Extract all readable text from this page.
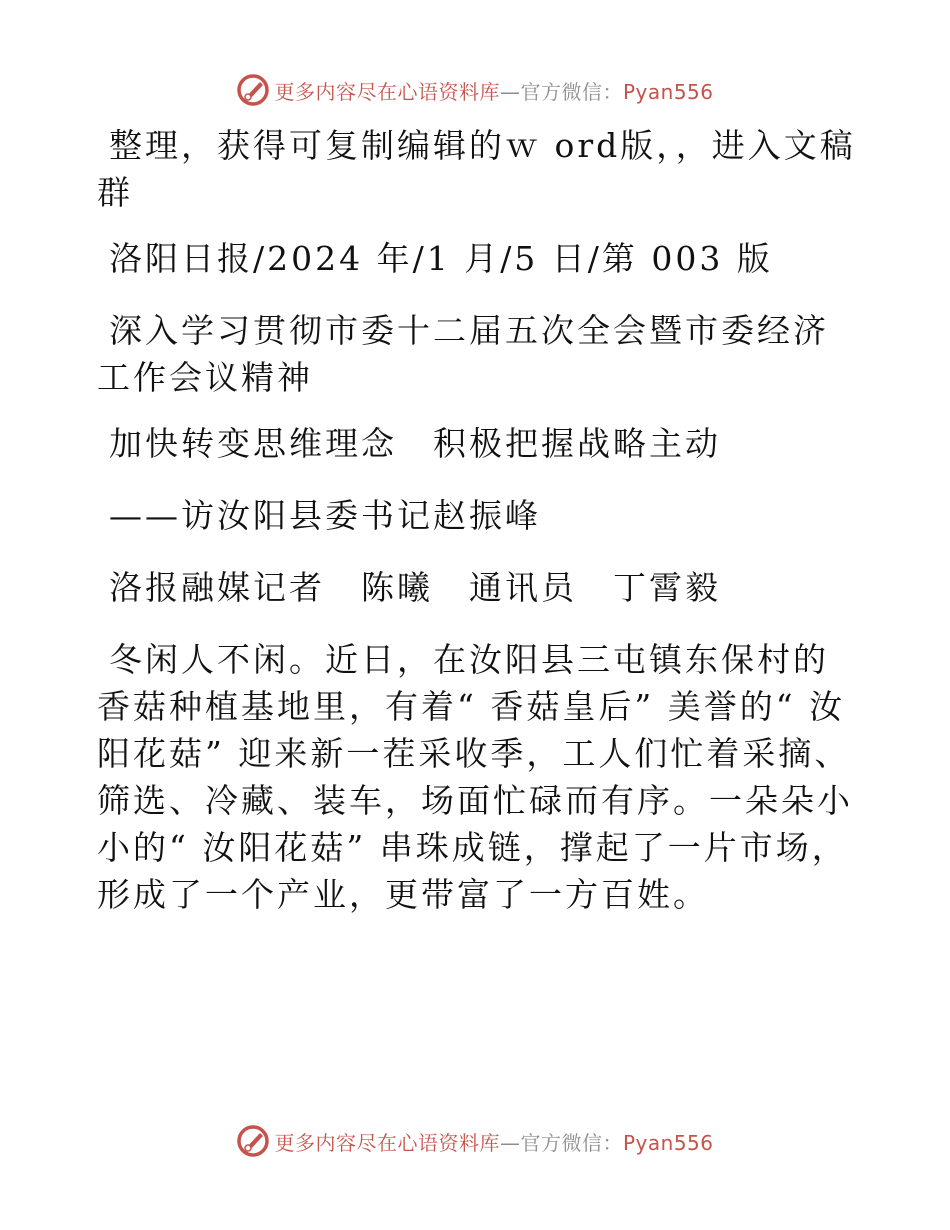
更多内容尽在心语资料库—官方微信：Pyan556

整理，获得可复制编辑的ｗ ord版，，进入文稿群

洛阳日报/2024 年/1 月/5 日/第 003 版

深入学习贯彻市委十二届五次全会暨市委经济工作会议精神

加快转变思维理念　积极把握战略主动

——访汝阳县委书记赵振峰

洛报融媒记者　陈曦　通讯员　丁霄毅

冬闲人不闲。近日，在汝阳县三屯镇东保村的香菇种植基地里，有着“ 香菇皇后” 美誉的“ 汝阳花菇” 迎来新一茬采收季，工人们忙着采摘、筛选、冷藏、装车，场面忙碌而有序。一朵朵小小的“ 汝阳花菇” 串珠成链，撑起了一片市场，形成了一个产业，更带富了一方百姓。

更多内容尽在心语资料库—官方微信：Pyan556
